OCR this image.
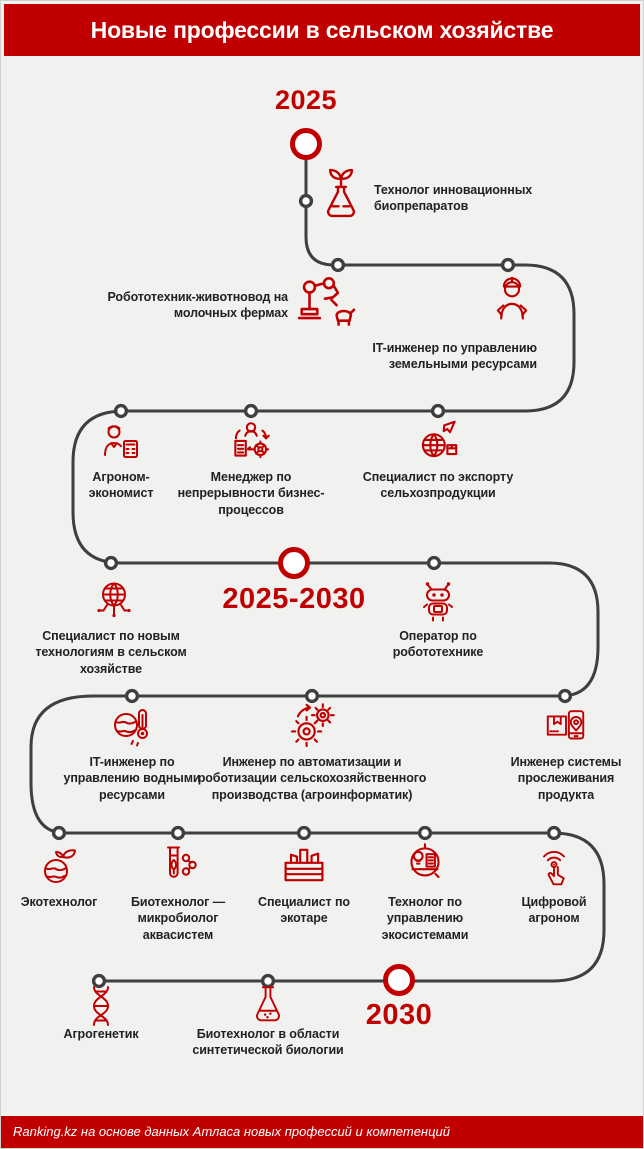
Новые профессии в сельском хозяйстве
2025
2025-2030
2030
Технолог инновационных биопрепаратов
Робототехник-животновод на молочных фермах
IT-инженер по управлению земельными ресурсами
Агроном-экономист
Менеджер по непрерывности бизнес-процессов
Специалист по экспорту сельхозпродукции
Специалист по новым технологиям в сельском хозяйстве
Оператор по робототехнике
IT-инженер по управлению водными ресурсами
Инженер по автоматизации и роботизации сельскохозяйственного производства (агроинформатик)
Инженер системы прослеживания продукта
Экотехнолог	Биотехнолог — микробиолог аквасистем
Специалист по экотаре
Технолог по управлению экосистемами
Цифровой агроном
Агрогенетик	Биотехнолог в области синтетической биологии
Ranking.kz на основе данных Атласа новых профессий и компетенций
